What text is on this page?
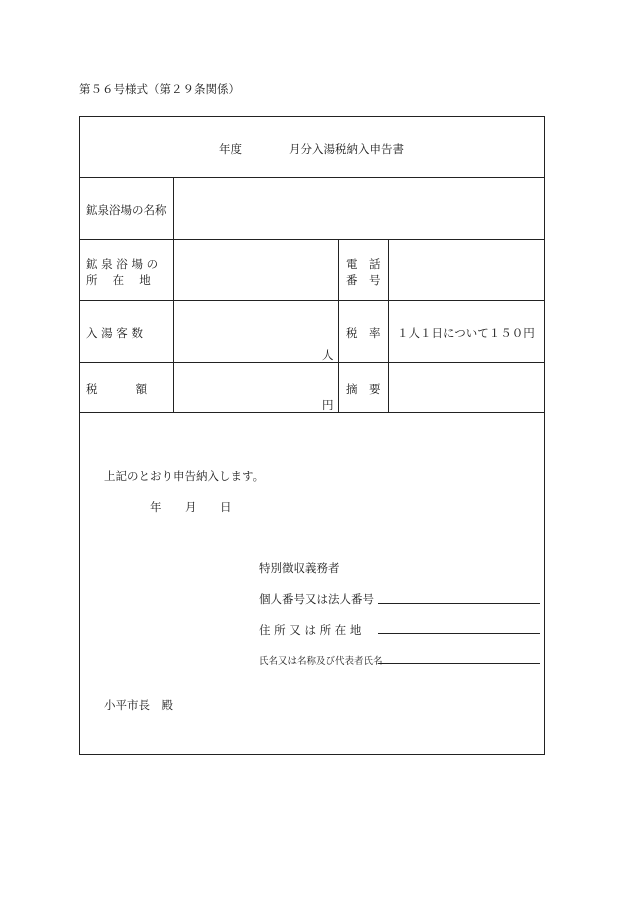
第５６号様式（第２９条関係）
年度	月分入湯税納入申告書
鉱泉浴場の名称
鉱 泉 浴 場 の
所　 在　 地
電　話
番　号
入 湯 客 数
人
税　率 １人１日について１５０円
税　　　 額
円
摘　要
上記のとおり申告納入します。
年 月 日
特別徴収義務者
個人番号又は法人番号
住 所 又 は 所 在 地
氏名又は名称及び代表者氏名
小平市長　殿
